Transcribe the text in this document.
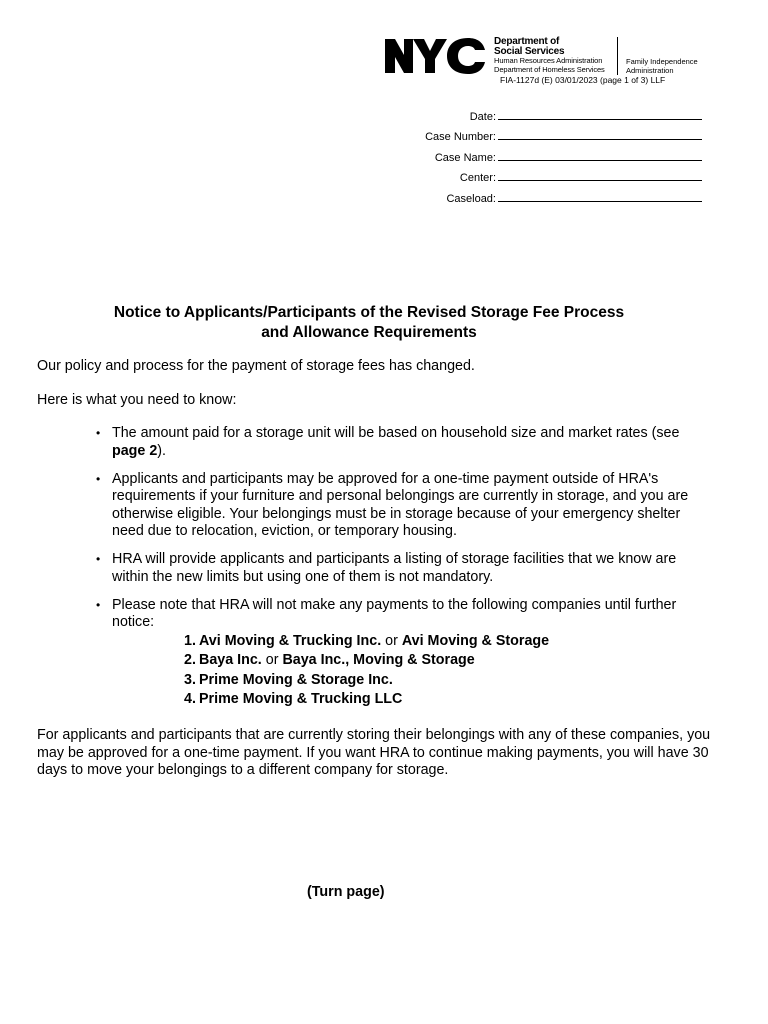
Department of
Social Services
Human Resources Administration
Department of Homeless Services
Family Independence
Administration
FIA-1127d (E) 03/01/2023 (page 1 of 3) LLF
Date:
Case Number:
Case Name:
Center:
Caseload:
Notice to Applicants/Participants of the Revised Storage Fee Process
and Allowance Requirements
Our policy and process for the payment of storage fees has changed.
Here is what you need to know:
• The amount paid for a storage unit will be based on household size and market rates (see page 2).
• Applicants and participants may be approved for a one-time payment outside of HRA's requirements if your furniture and personal belongings are currently in storage, and you are otherwise eligible. Your belongings must be in storage because of your emergency shelter need due to relocation, eviction, or temporary housing.
• HRA will provide applicants and participants a listing of storage facilities that we know are within the new limits but using one of them is not mandatory.
• Please note that HRA will not make any payments to the following companies until further notice:
1. Avi Moving & Trucking Inc. or Avi Moving & Storage
2. Baya Inc. or Baya Inc., Moving & Storage
3. Prime Moving & Storage Inc.
4. Prime Moving & Trucking LLC
For applicants and participants that are currently storing their belongings with any of these companies, you may be approved for a one-time payment. If you want HRA to continue making payments, you will have 30 days to move your belongings to a different company for storage.
(Turn page)
